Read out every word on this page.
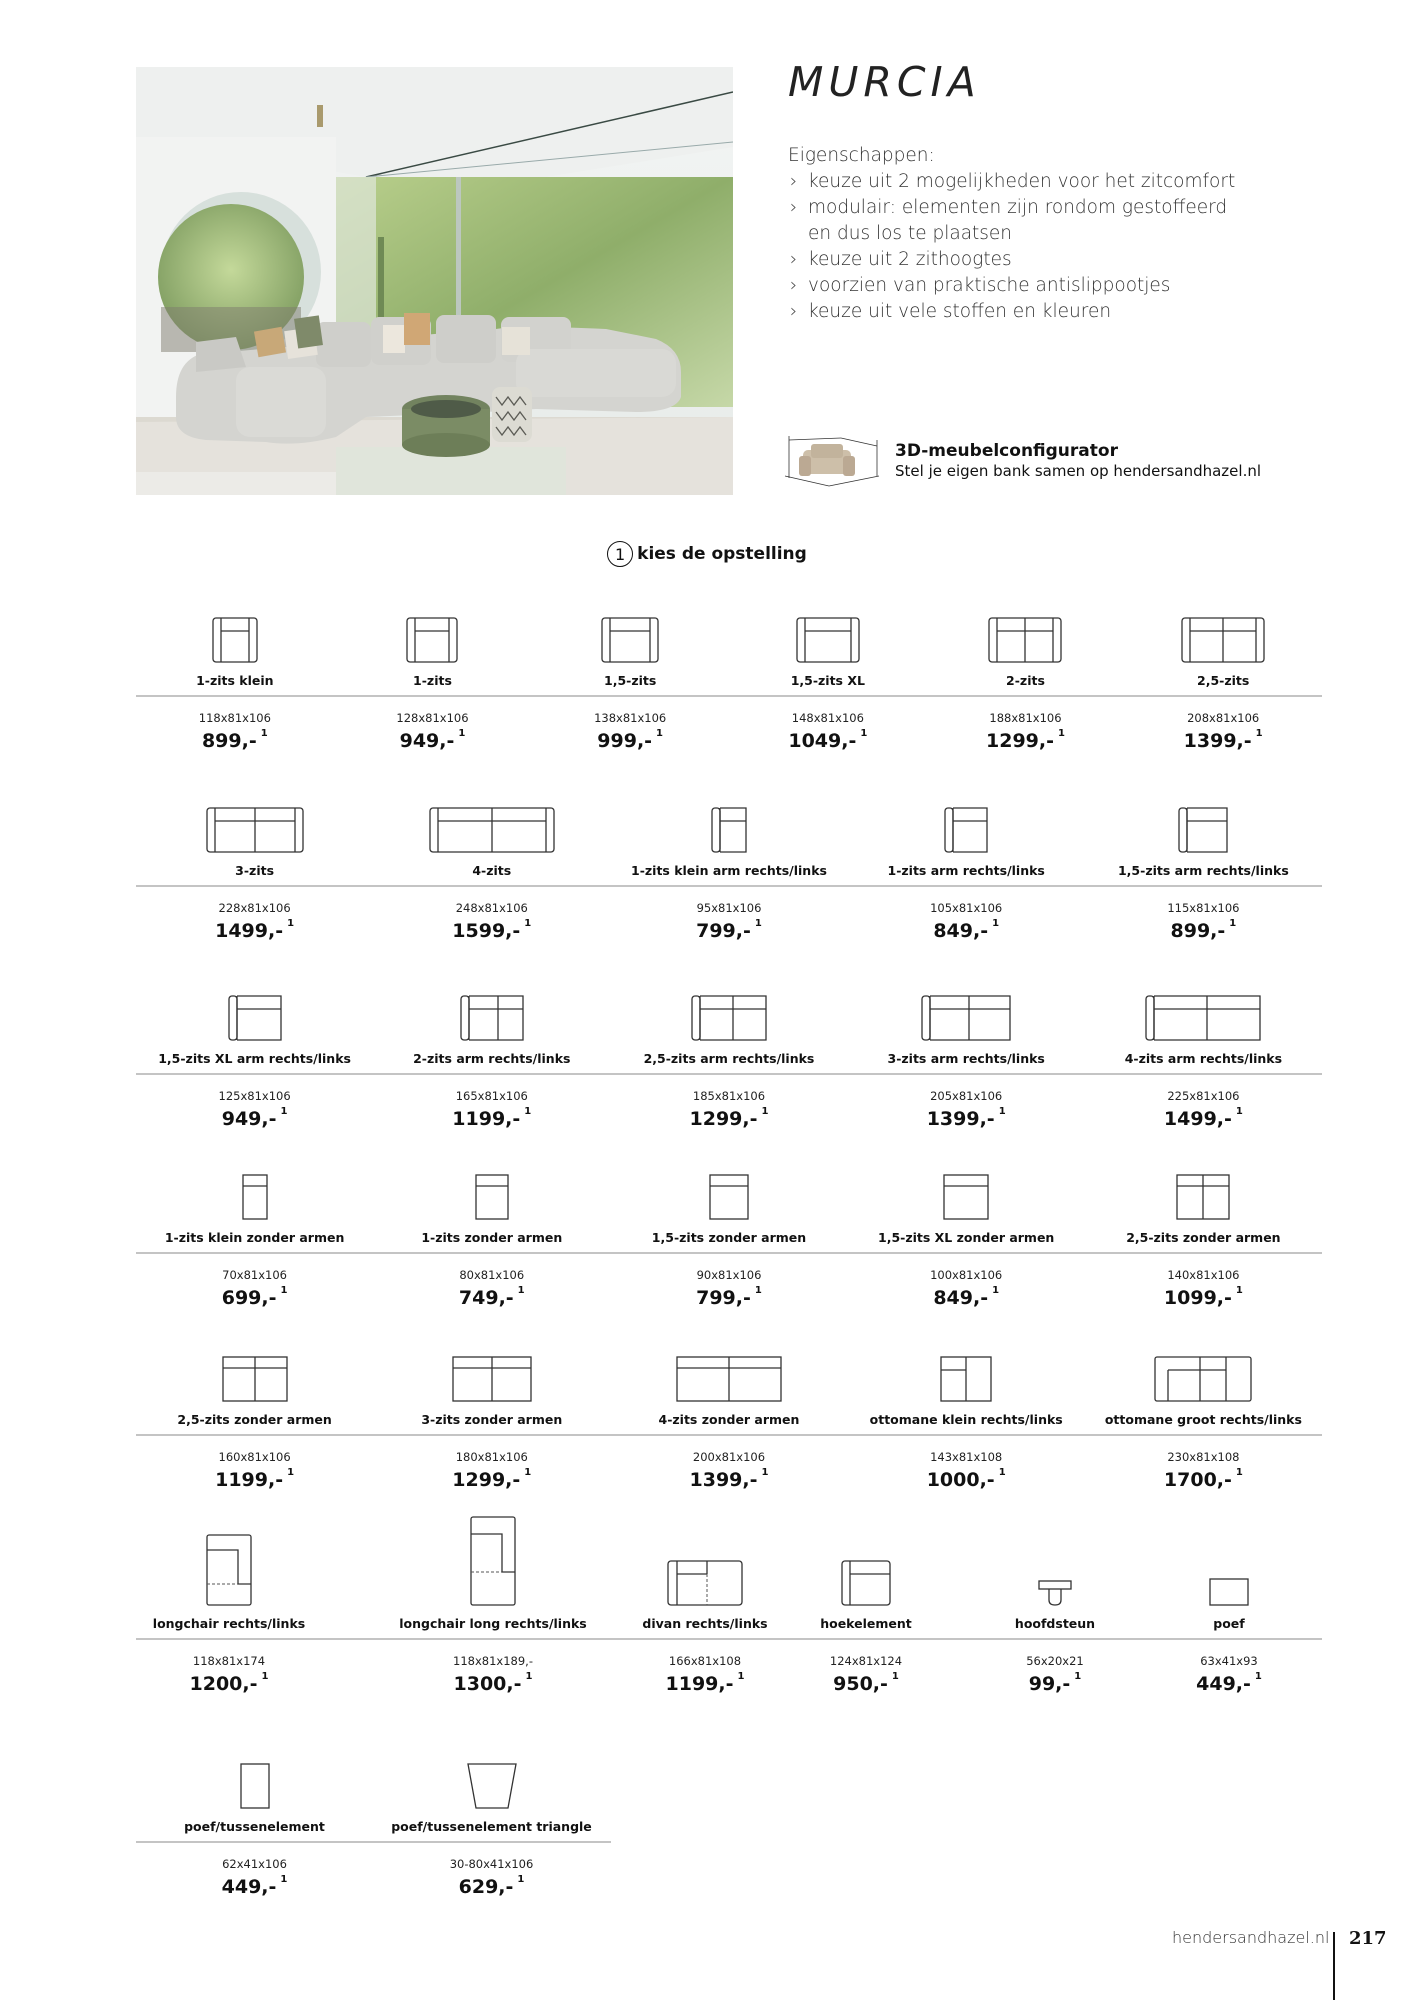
MURCIA
Eigenschappen:
› keuze uit 2 mogelijkheden voor het zitcomfort
› modulair: elementen zijn rondom gestoffeerd en dus los te plaatsen
› keuze uit 2 zithoogtes
› voorzien van praktische antislippootjes
› keuze uit vele stoffen en kleuren
3D-meubelconfigurator
Stel je eigen bank samen op hendersandhazel.nl
1 kies de opstelling
1-zits klein
118x81x106
899,- $^1$
1-zits
128x81x106
949,- $^1$
1,5-zits
138x81x106
999,- $^1$
1,5-zits XL
148x81x106
1049,- $^1$
2-zits
188x81x106
1299,- $^1$
2,5-zits
208x81x106
1399,- $^1$
3-zits
228x81x106
1499,- $^1$
4-zits
248x81x106
1599,- $^1$
1-zits klein arm rechts/links
95x81x106
799,- $^1$
1-zits arm rechts/links
105x81x106
849,- $^1$
1,5-zits arm rechts/links
115x81x106
899,- $^1$
1,5-zits XL arm rechts/links
125x81x106
949,- $^1$
2-zits arm rechts/links
165x81x106
1199,- $^1$
2,5-zits arm rechts/links
185x81x106
1299,- $^1$
3-zits arm rechts/links
205x81x106
1399,- $^1$
4-zits arm rechts/links
225x81x106
1499,- $^1$
1-zits klein zonder armen
70x81x106
699,- $^1$
1-zits zonder armen
80x81x106
749,- $^1$
1,5-zits zonder armen
90x81x106
799,- $^1$
1,5-zits XL zonder armen
100x81x106
849,- $^1$
2,5-zits zonder armen
140x81x106
1099,- $^1$
2,5-zits zonder armen
160x81x106
1199,- $^1$
3-zits zonder armen
180x81x106
1299,- $^1$
4-zits zonder armen
200x81x106
1399,- $^1$
ottomane klein rechts/links
143x81x108
1000,- $^1$
ottomane groot rechts/links
230x81x108
1700,- $^1$
longchair rechts/links
118x81x174
1200,- $^1$
longchair long rechts/links
118x81x189,-
1300,- $^1$
divan rechts/links
166x81x108
1199,- $^1$
hoekelement
124x81x124
950,- $^1$
hoofdsteun
56x20x21
99,- $^1$
poef
63x41x93
449,- $^1$
poef/tussenelement
62x41x106
449,- $^1$
poef/tussenelement triangle
30-80x41x106
629,- $^1$
hendersandhazel.nl 217
